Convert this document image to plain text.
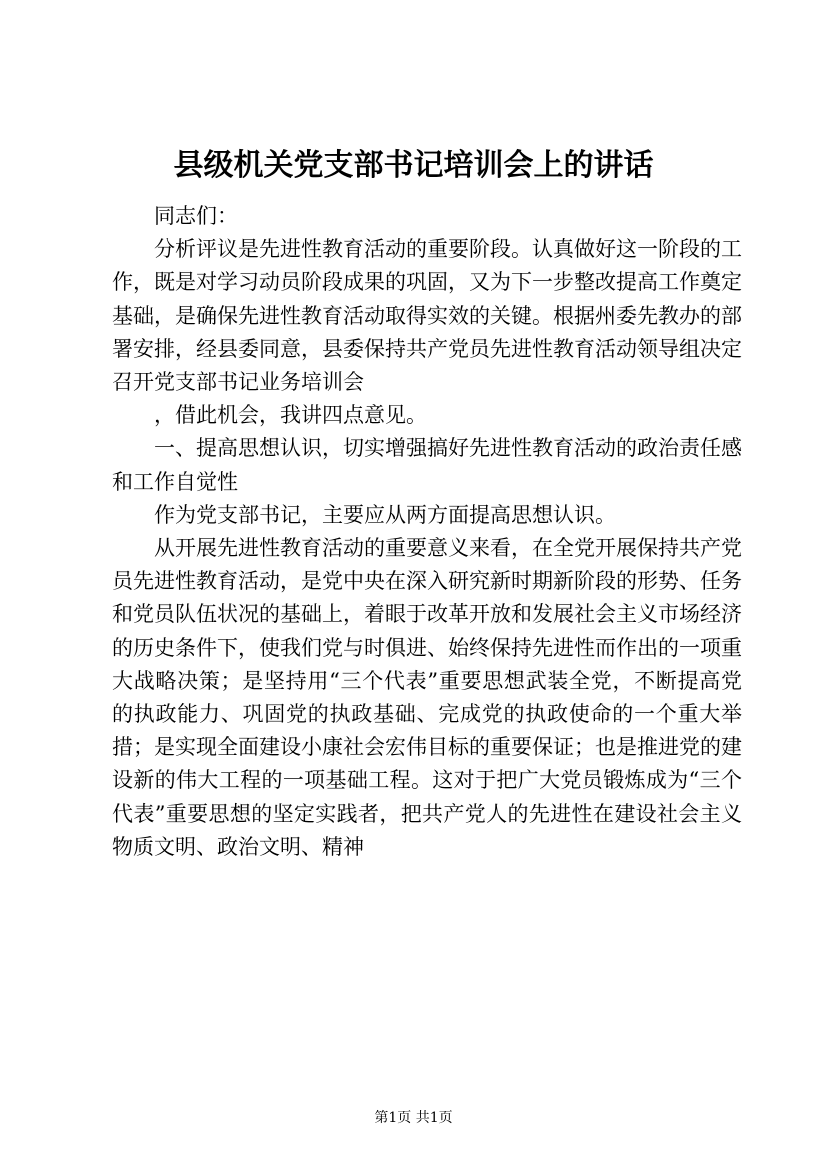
县级机关党支部书记培训会上的讲话

同志们：

分析评议是先进性教育活动的重要阶段。认真做好这一阶段的工作，既是对学习动员阶段成果的巩固，又为下一步整改提高工作奠定基础，是确保先进性教育活动取得实效的关键。根据州委先教办的部署安排，经县委同意，县委保持共产党员先进性教育活动领导组决定召开党支部书记业务培训会

，借此机会，我讲四点意见。

一、提高思想认识，切实增强搞好先进性教育活动的政治责任感和工作自觉性

作为党支部书记，主要应从两方面提高思想认识。

从开展先进性教育活动的重要意义来看，在全党开展保持共产党员先进性教育活动，是党中央在深入研究新时期新阶段的形势、任务和党员队伍状况的基础上，着眼于改革开放和发展社会主义市场经济的历史条件下，使我们党与时俱进、始终保持先进性而作出的一项重大战略决策；是坚持用“三个代表”重要思想武装全党，不断提高党的执政能力、巩固党的执政基础、完成党的执政使命的一个重大举措；是实现全面建设小康社会宏伟目标的重要保证；也是推进党的建设新的伟大工程的一项基础工程。这对于把广大党员锻炼成为“三个代表”重要思想的坚定实践者，把共产党人的先进性在建设社会主义物质文明、政治文明、精神

第1页 共1页
